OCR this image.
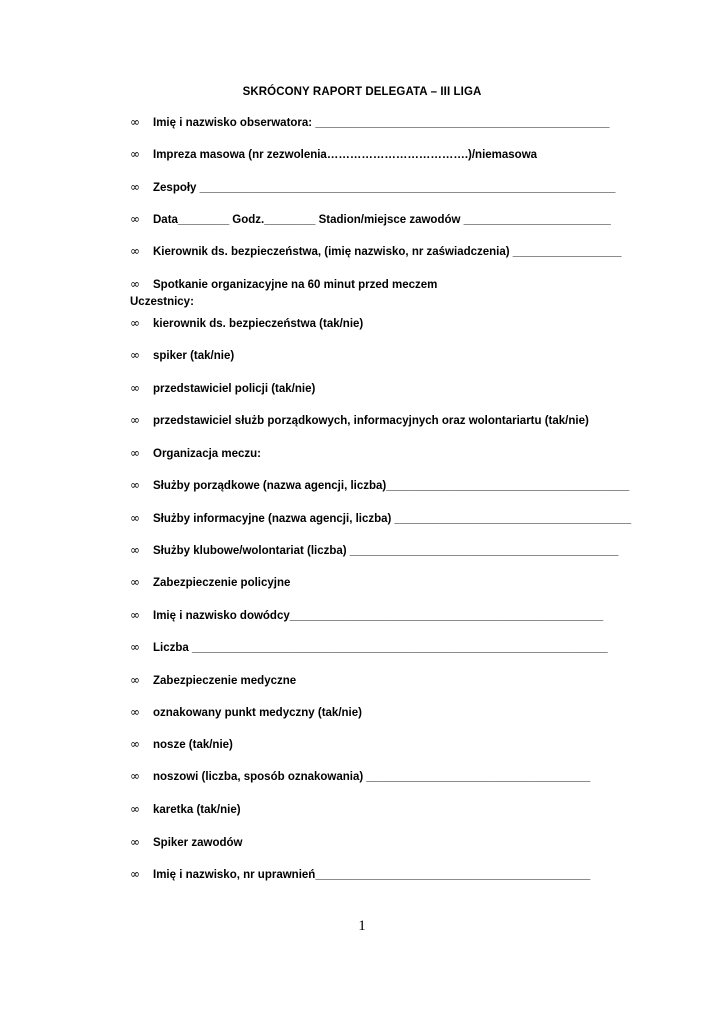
SKRÓCONY RAPORT DELEGATA – III LIGA
∞ Imię i nazwisko obserwatora: ______________________________________________
∞ Impreza masowa (nr zezwolenia……………………………….)/niemasowa
∞ Zespoły _________________________________________________________________
∞ Data________ Godz.________ Stadion/miejsce zawodów _______________________
∞ Kierownik ds. bezpieczeństwa, (imię nazwisko, nr zaświadczenia) _________________
∞ Spotkanie organizacyjne na 60 minut przed meczem
Uczestnicy:
∞ kierownik ds. bezpieczeństwa (tak/nie)
∞ spiker (tak/nie)
∞ przedstawiciel policji (tak/nie)
∞ przedstawiciel służb porządkowych, informacyjnych oraz wolontariartu (tak/nie)
∞ Organizacja meczu:
∞ Służby porządkowe (nazwa agencji, liczba)______________________________________
∞ Służby informacyjne (nazwa agencji, liczba) _____________________________________
∞ Służby klubowe/wolontariat (liczba) __________________________________________
∞ Zabezpieczenie policyjne
∞ Imię i nazwisko dowódcy_________________________________________________
∞ Liczba _________________________________________________________________
∞ Zabezpieczenie medyczne
∞ oznakowany punkt medyczny (tak/nie)
∞ nosze (tak/nie)
∞ noszowi (liczba, sposób oznakowania) ___________________________________
∞ karetka (tak/nie)
∞ Spiker zawodów
∞ Imię i nazwisko, nr uprawnień___________________________________________
1
